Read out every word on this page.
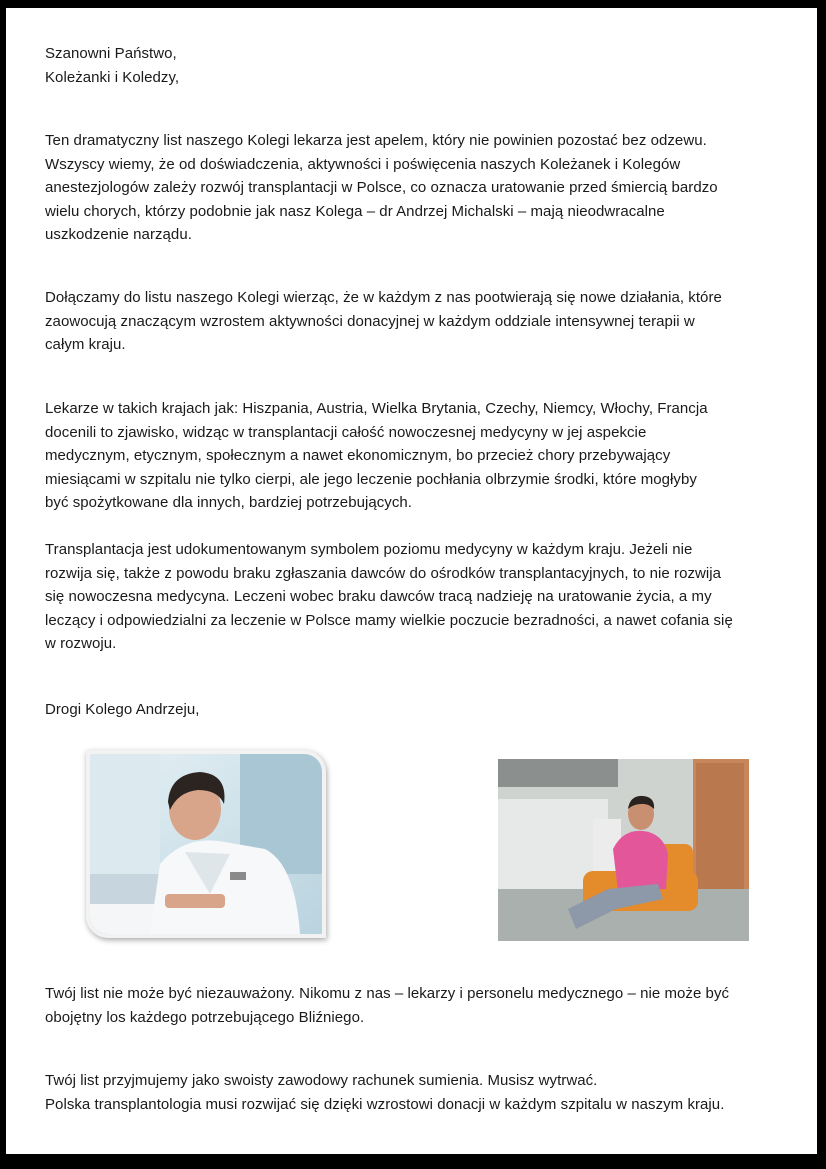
Szanowni Państwo,
Koleżanki i Koledzy,

Ten dramatyczny list naszego Kolegi lekarza jest apelem, który nie powinien pozostać bez odzewu.
Wszyscy wiemy, że od doświadczenia, aktywności i poświęcenia naszych Koleżanek i Kolegów
anestezjologów zależy rozwój transplantacji w Polsce, co oznacza uratowanie przed śmiercią bardzo
wielu chorych, którzy podobnie jak nasz Kolega – dr Andrzej Michalski – mają nieodwracalne
uszkodzenie narządu.

Dołączamy do listu naszego Kolegi wierząc, że w każdym z nas pootwierają się nowe działania, które
zaowocują znaczącym wzrostem aktywności donacyjnej w każdym oddziale intensywnej terapii w
całym kraju.

Lekarze w takich krajach jak: Hiszpania, Austria, Wielka Brytania, Czechy, Niemcy, Włochy, Francja
docenili to zjawisko, widząc w transplantacji całość nowoczesnej medycyny w jej aspekcie
medycznym, etycznym, społecznym a nawet ekonomicznym, bo przecież chory przebywający
miesiącami w szpitalu nie tylko cierpi, ale jego leczenie pochłania olbrzymie środki, które mogłyby
być spożytkowane dla innych, bardziej potrzebujących.

Transplantacja jest udokumentowanym symbolem poziomu medycyny w każdym kraju. Jeżeli nie
rozwija się, także z powodu braku zgłaszania dawców do ośrodków transplantacyjnych, to nie rozwija
się nowoczesna medycyna. Leczeni wobec braku dawców tracą nadzieję na uratowanie życia, a my
leczący i odpowiedzialni za leczenie w Polsce mamy wielkie poczucie bezradności, a nawet cofania się
w rozwoju.

Drogi Kolego Andrzeju,

Twój list nie może być niezauważony. Nikomu z nas – lekarzy i personelu medycznego – nie może być
obojętny los każdego potrzebującego Bliźniego.

Twój list przyjmujemy jako swoisty zawodowy rachunek sumienia. Musisz wytrwać.
Polska transplantologia musi rozwijać się dzięki wzrostowi donacji w każdym szpitalu w naszym kraju.
